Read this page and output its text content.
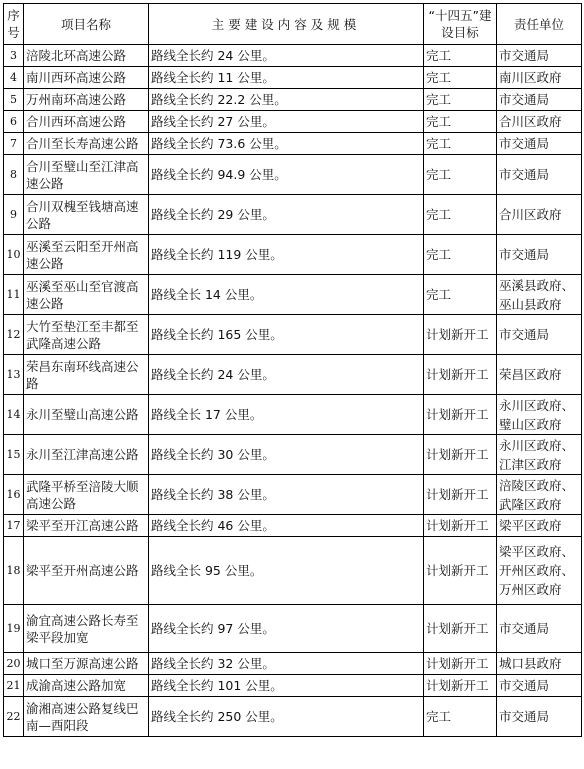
序号	项目名称	主要建设内容及规模	“十四五”建设目标	责任单位
3	涪陵北环高速公路	路线全长约 24 公里。	完工	市交通局
4	南川西环高速公路	路线全长约 11 公里。	完工	南川区政府
5	万州南环高速公路	路线全长约 22.2 公里。	完工	市交通局
6	合川西环高速公路	路线全长约 27 公里。	完工	合川区政府
7	合川至长寿高速公路	路线全长约 73.6 公里。	完工	市交通局
8	合川至璧山至江津高速公路	路线全长约 94.9 公里。	完工	市交通局
9	合川双槐至钱塘高速公路	路线全长约 29 公里。	完工	合川区政府
10	巫溪至云阳至开州高速公路	路线全长约 119 公里。	完工	市交通局
11	巫溪至巫山至官渡高速公路	路线全长 14 公里。	完工	巫溪县政府、巫山县政府
12	大竹至垫江至丰都至武隆高速公路	路线全长约 165 公里。	计划新开工	市交通局
13	荣昌东南环线高速公路	路线全长约 24 公里。	计划新开工	荣昌区政府
14	永川至璧山高速公路	路线全长 17 公里。	计划新开工	永川区政府、璧山区政府
15	永川至江津高速公路	路线全长约 30 公里。	计划新开工	永川区政府、江津区政府
16	武隆平桥至涪陵大顺高速公路	路线全长约 38 公里。	计划新开工	涪陵区政府、武隆区政府
17	梁平至开江高速公路	路线全长约 46 公里。	计划新开工	梁平区政府
18	梁平至开州高速公路	路线全长 95 公里。	计划新开工	梁平区政府、开州区政府、万州区政府
19	渝宜高速公路长寿至梁平段加宽	路线全长约 97 公里。	计划新开工	市交通局
20	城口至万源高速公路	路线全长约 32 公里。	计划新开工	城口县政府
21	成渝高速公路加宽	路线全长约 101 公里。	计划新开工	市交通局
22	渝湘高速公路复线巴南—酉阳段	路线全长约 250 公里。	完工	市交通局
